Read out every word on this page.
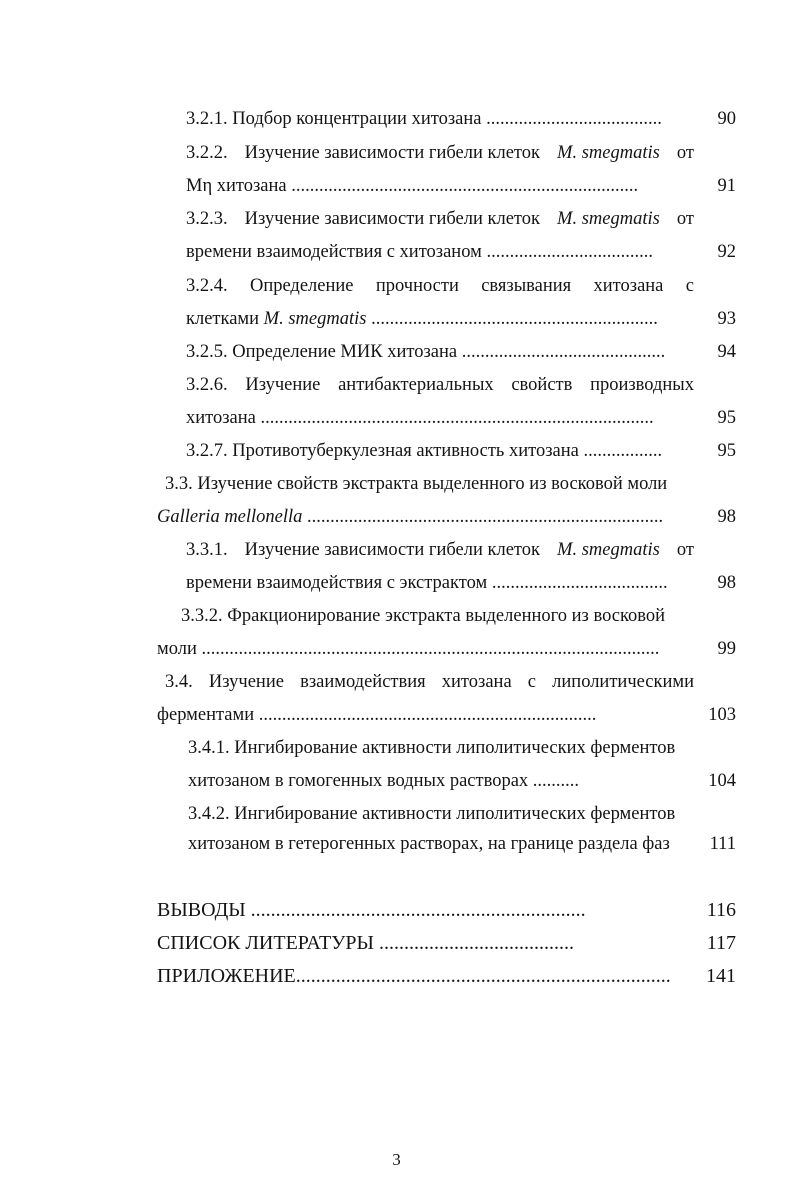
3.2.1. Подбор концентрации хитозана ......................................	90
3.2.2. Изучение зависимости гибели клеток M. smegmatis от
Mη хитозана ...........................................................................	91
3.2.3. Изучение зависимости гибели клеток M. smegmatis от
времени взаимодействия с хитозаном ....................................	92
3.2.4. Определение прочности связывания хитозана с
клетками M. smegmatis ..............................................................	93
3.2.5. Определение МИК хитозана ............................................	94
3.2.6. Изучение антибактериальных свойств производных
хитозана .....................................................................................	95
3.2.7. Противотуберкулезная активность хитозана .................	95
3.3. Изучение свойств экстракта выделенного из восковой моли
Galleria mellonella .............................................................................	98
3.3.1. Изучение зависимости гибели клеток M. smegmatis от
времени взаимодействия с экстрактом ......................................	98
3.3.2. Фракционирование экстракта выделенного из восковой
моли ...................................................................................................	99
3.4. Изучение взаимодействия хитозана с липолитическими
ферментами .........................................................................	103
3.4.1. Ингибирование активности липолитических ферментов
хитозаном в гомогенных водных растворах ..........	104
3.4.2. Ингибирование активности липолитических ферментов
хитозаном в гетерогенных растворах, на границе раздела фаз	111
ВЫВОДЫ ...................................................................	116
СПИСОК ЛИТЕРАТУРЫ .......................................	117
ПРИЛОЖЕНИЕ...........................................................................	141
3
